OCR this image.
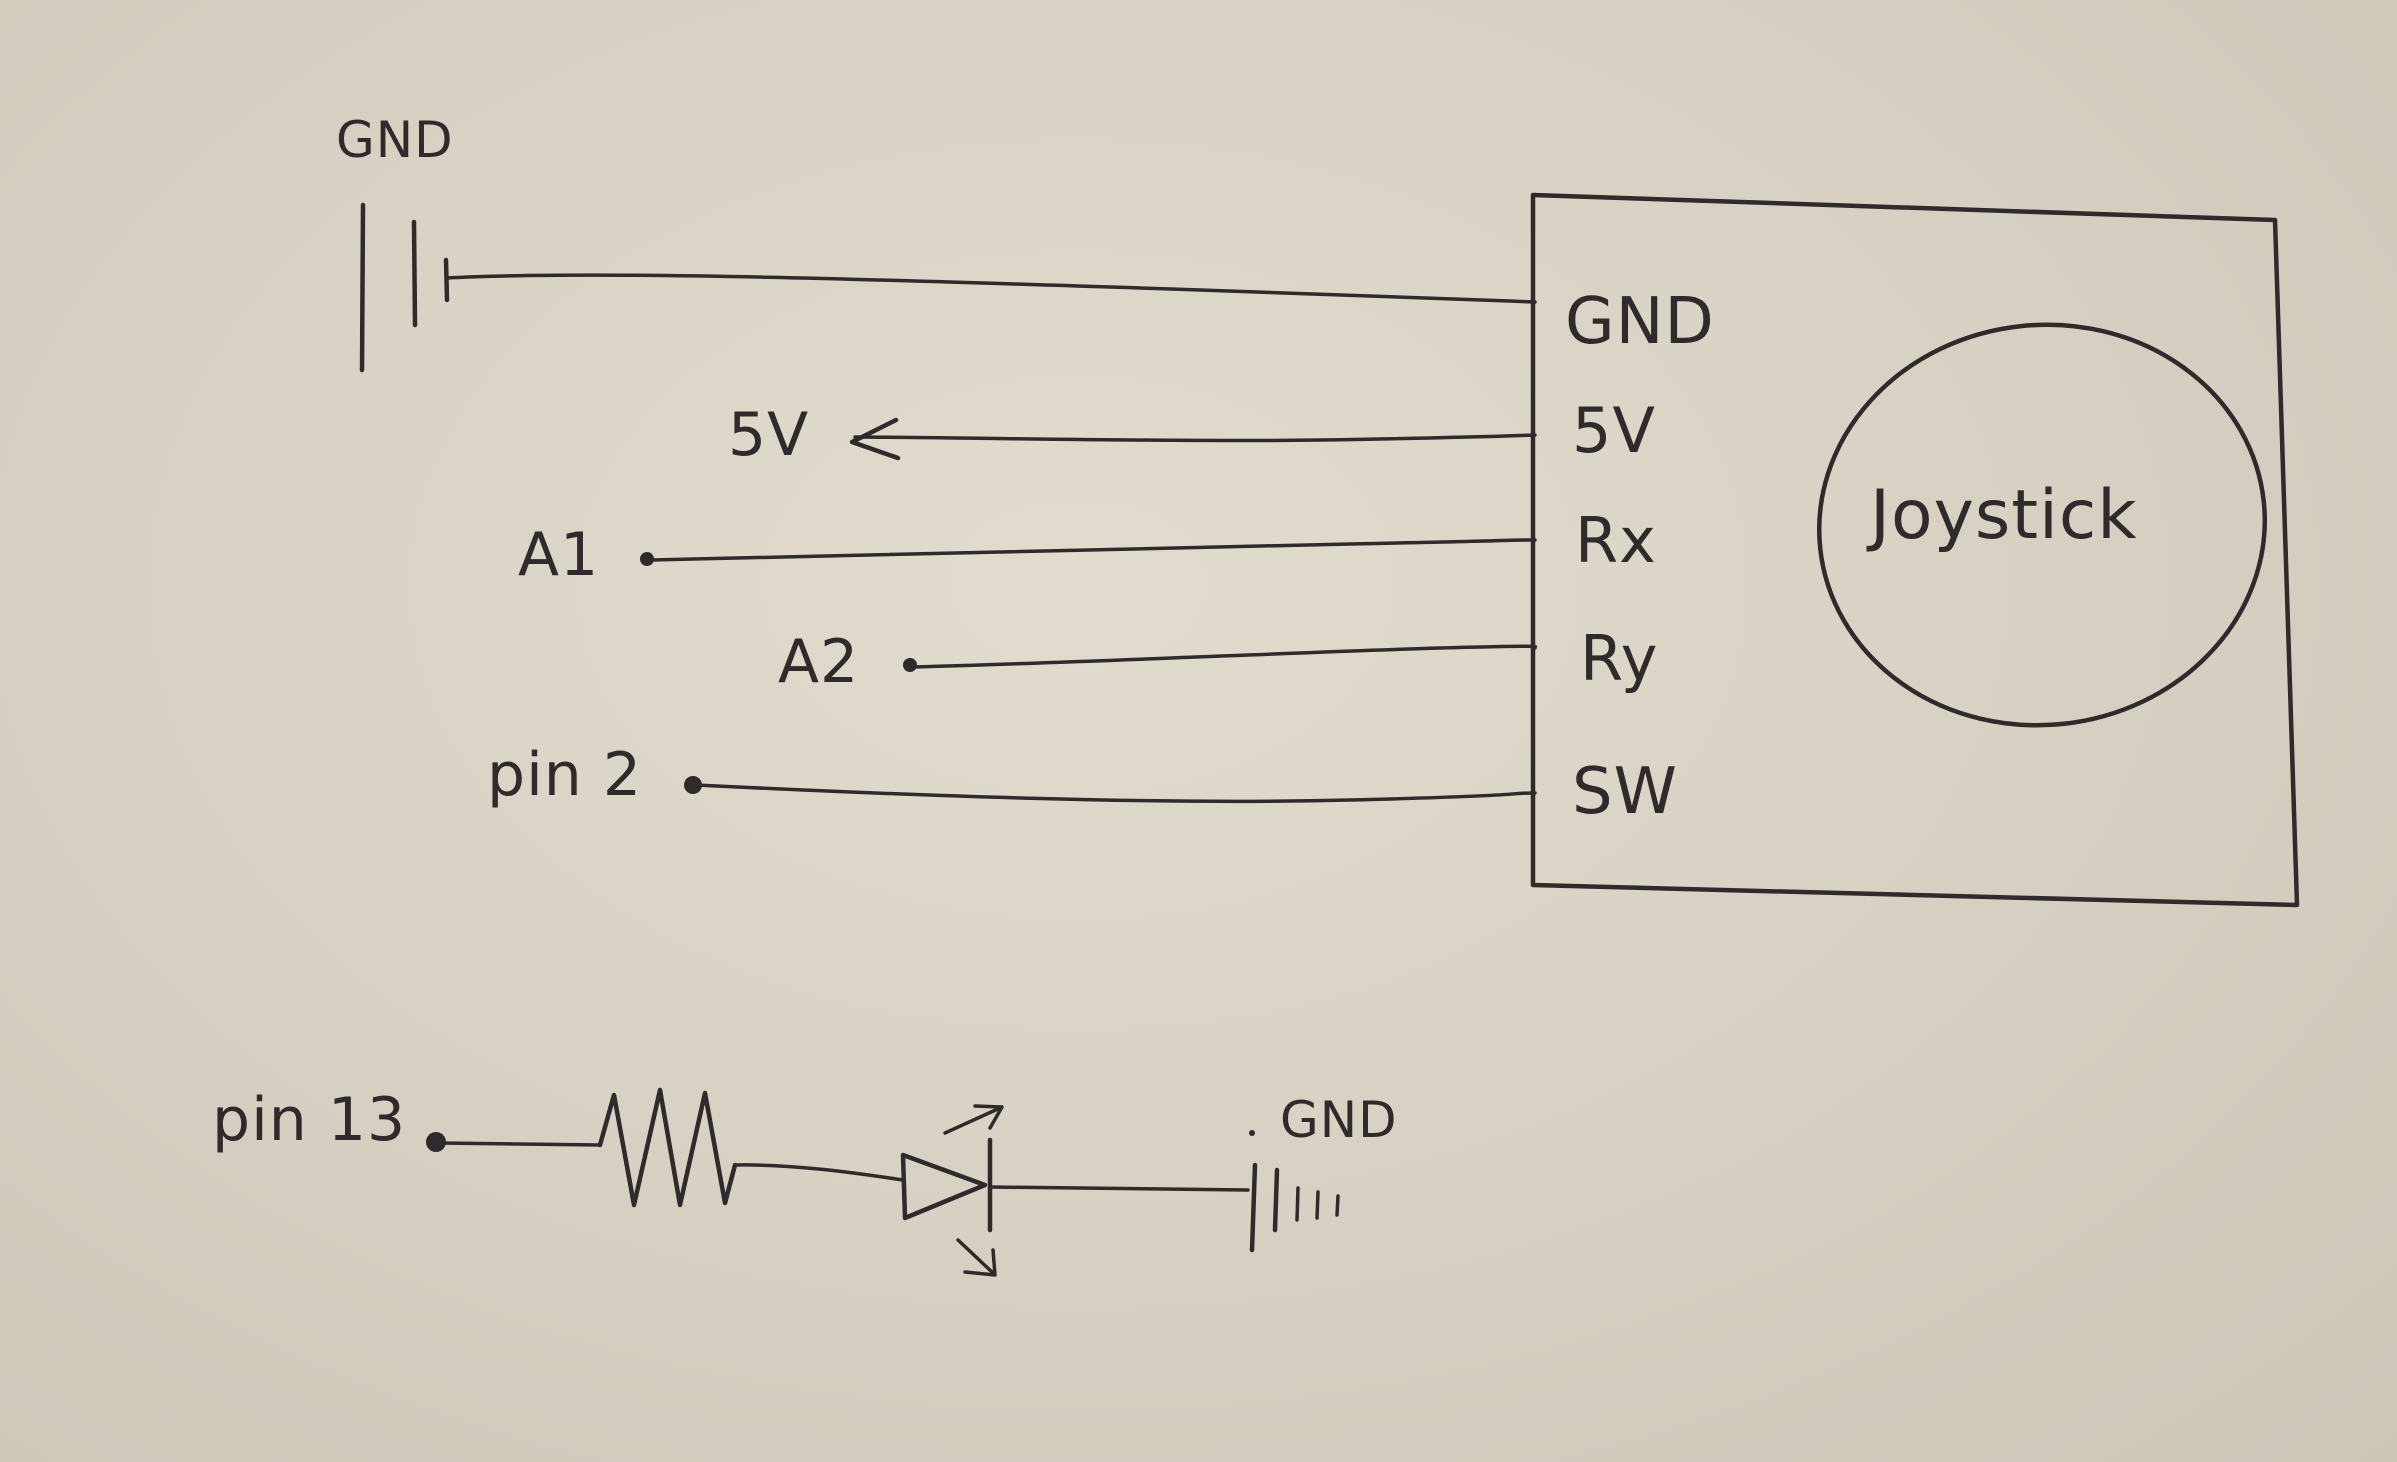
GND
5V
A1
A2
pin 2
GND
5V
Rx
Ry
SW
Joystick
pin 13	GND
